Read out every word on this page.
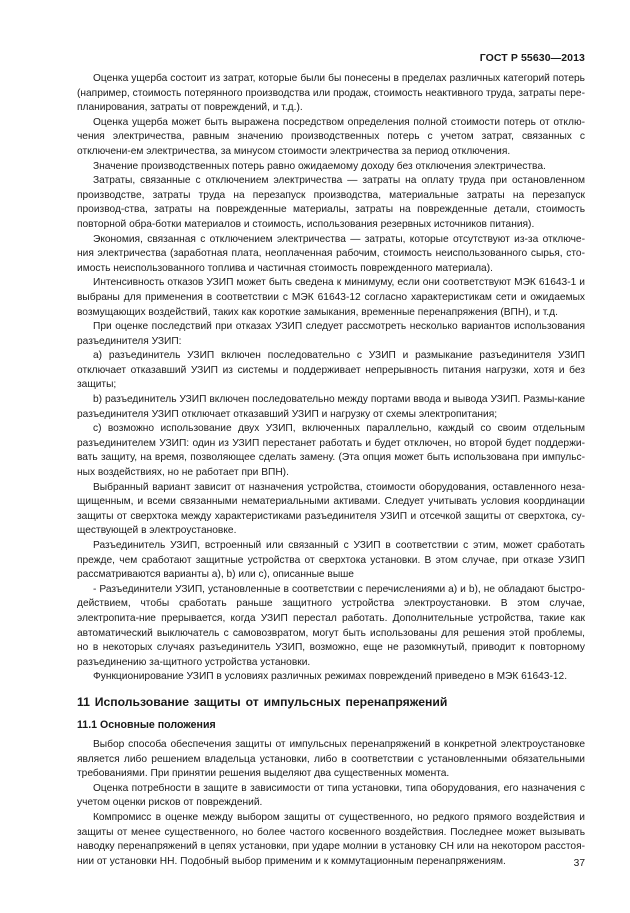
ГОСТ Р 55630—2013

Оценка ущерба состоит из затрат, которые были бы понесены в пределах различных категорий потерь (например, стоимость потерянного производства или продаж, стоимость неактивного труда, затраты пере-планирования, затраты от повреждений, и т.д.).

Оценка ущерба может быть выражена посредством определения полной стоимости потерь от отклю-чения электричества, равным значению производственных потерь с учетом затрат, связанных с отключени-ем электричества, за минусом стоимости электричества за период отключения.

Значение производственных потерь равно ожидаемому доходу без отключения электричества.

Затраты, связанные с отключением электричества — затраты на оплату труда при остановленном производстве, затраты труда на перезапуск производства, материальные затраты на перезапуск производ-ства, затраты на поврежденные материалы, затраты на поврежденные детали, стоимость повторной обра-ботки материалов и стоимость, использования резервных источников питания).

Экономия, связанная с отключением электричества — затраты, которые отсутствуют из-за отключе-ния электричества (заработная плата, неоплаченная рабочим, стоимость неиспользованного сырья, сто-имость неиспользованного топлива и частичная стоимость поврежденного материала).

Интенсивность отказов УЗИП может быть сведена к минимуму, если они соответствуют МЭК 61643-1 и выбраны для применения в соответствии с МЭК 61643-12 согласно характеристикам сети и ожидаемых возмущающих воздействий, таких как короткие замыкания, временные перенапряжения (ВПН), и т.д.

При оценке последствий при отказах УЗИП следует рассмотреть несколько вариантов использования разъединителя УЗИП:

а) разъединитель УЗИП включен последовательно с УЗИП и размыкание разъединителя УЗИП отключает отказавший УЗИП из системы и поддерживает непрерывность питания нагрузки, хотя и без защиты;

b) разъединитель УЗИП включен последовательно между портами ввода и вывода УЗИП. Размы-кание разъединителя УЗИП отключает отказавший УЗИП и нагрузку от схемы электропитания;

с) возможно использование двух УЗИП, включенных параллельно, каждый со своим отдельным разъединителем УЗИП: один из УЗИП перестанет работать и будет отключен, но второй будет поддержи-вать защиту, на время, позволяющее сделать замену. (Эта опция может быть использована при импульс-ных воздействиях, но не работает при ВПН).

Выбранный вариант зависит от назначения устройства, стоимости оборудования, оставленного неза-щищенным, и всеми связанными нематериальными активами. Следует учитывать условия координации защиты от сверхтока между характеристиками разъединителя УЗИП и отсечкой защиты от сверхтока, су-ществующей в электроустановке.

Разъединитель УЗИП, встроенный или связанный с УЗИП в соответствии с этим, может сработать прежде, чем сработают защитные устройства от сверхтока установки. В этом случае, при отказе УЗИП рассматриваются варианты а), b) или с), описанные выше

- Разъединители УЗИП, установленные в соответствии с перечислениями а) и b), не обладают быстро-действием, чтобы сработать раньше защитного устройства электроустановки. В этом случае, электропита-ние прерывается, когда УЗИП перестал работать. Дополнительные устройства, такие как автоматический выключатель с самовозвратом, могут быть использованы для решения этой проблемы, но в некоторых случаях разъединитель УЗИП, возможно, еще не разомкнутый, приводит к повторному разъединению за-щитного устройства установки.

Функционирование УЗИП в условиях различных режимах повреждений приведено в МЭК 61643-12.

11 Использование защиты от импульсных перенапряжений
11.1 Основные положения

Выбор способа обеспечения защиты от импульсных перенапряжений в конкретной электроустановке является либо решением владельца установки, либо в соответствии с установленными обязательными требованиями. При принятии решения выделяют два существенных момента.

Оценка потребности в защите в зависимости от типа установки, типа оборудования, его назначения с учетом оценки рисков от повреждений.

Компромисс в оценке между выбором защиты от существенного, но редкого прямого воздействия и защиты от менее существенного, но более частого косвенного воздействия. Последнее может вызывать наводку перенапряжений в цепях установки, при ударе молнии в установку СН или на некотором расстоя-нии от установки НН. Подобный выбор применим и к коммутационным перенапряжениям.	37
